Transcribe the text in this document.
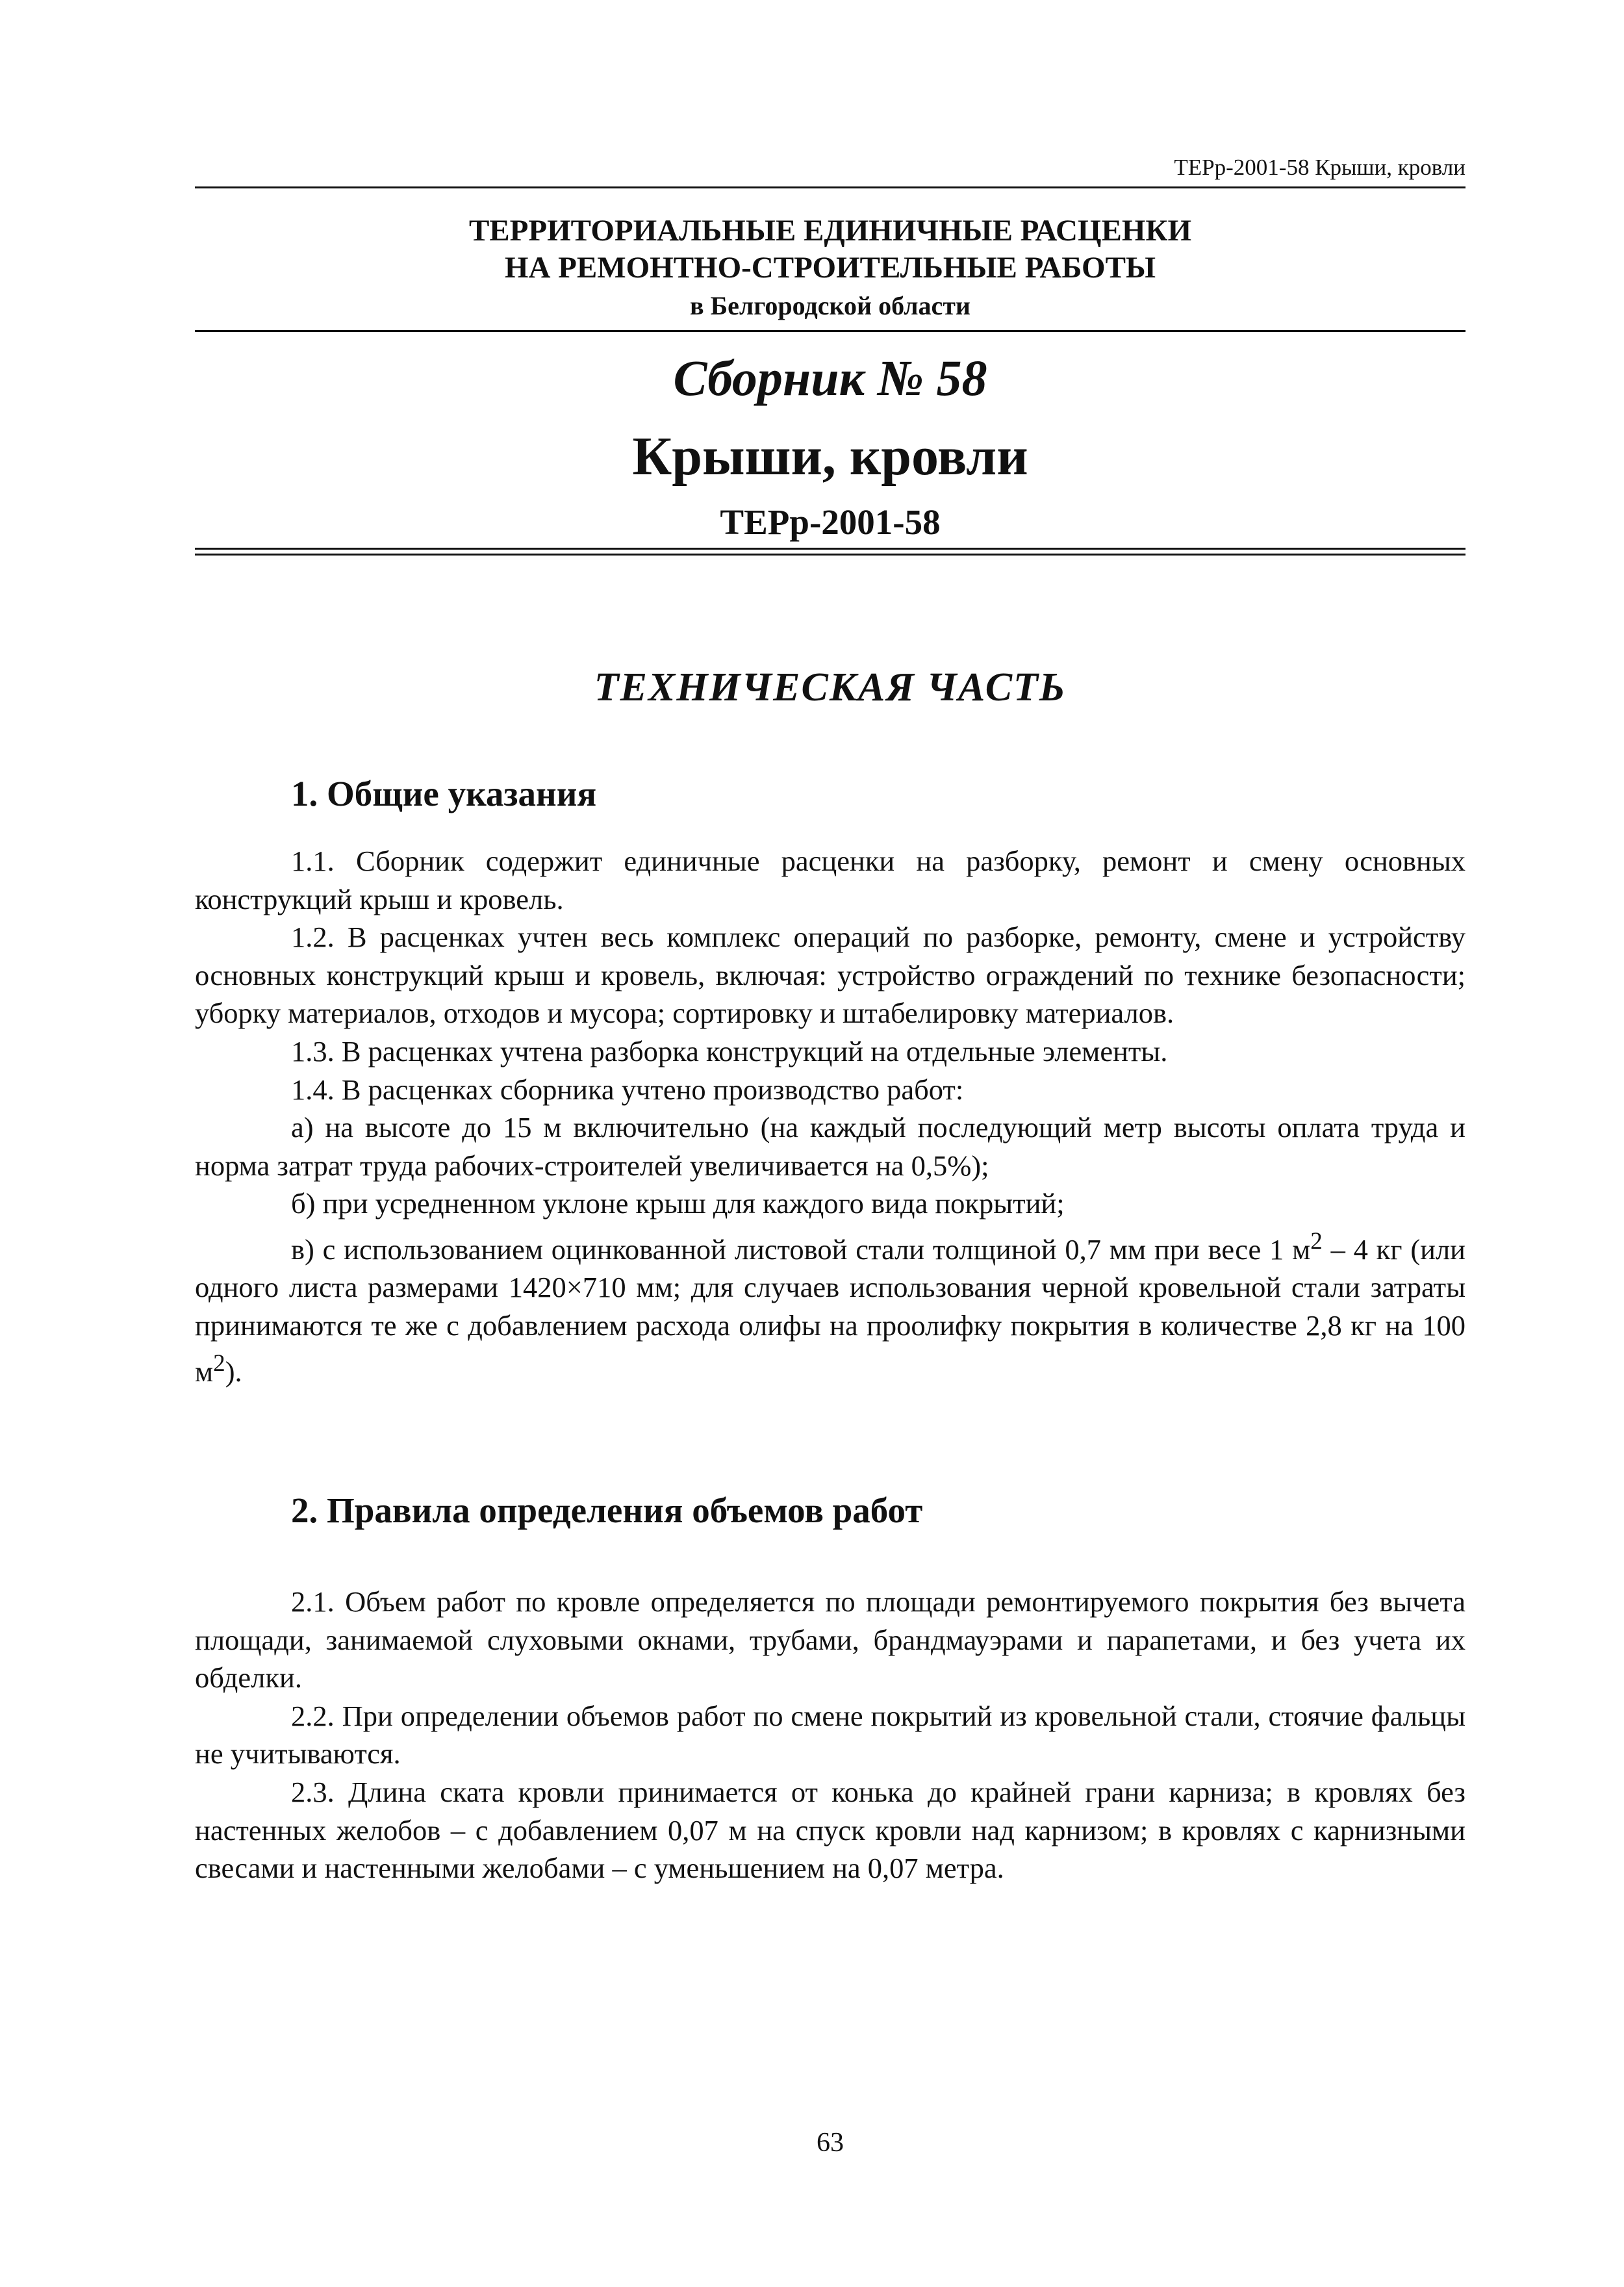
ТЕРр-2001-58 Крыши, кровли
ТЕРРИТОРИАЛЬНЫЕ ЕДИНИЧНЫЕ РАСЦЕНКИ
НА РЕМОНТНО-СТРОИТЕЛЬНЫЕ РАБОТЫ
в Белгородской области
Сборник № 58
Крыши, кровли
ТЕРр-2001-58
ТЕХНИЧЕСКАЯ ЧАСТЬ
1. Общие указания

1.1. Сборник содержит единичные расценки на разборку, ремонт и смену основных конструкций крыш и кровель.

1.2. В расценках учтен весь комплекс операций по разборке, ремонту, смене и устройству основных конструкций крыш и кровель, включая: устройство ограждений по технике безопасности; уборку материалов, отходов и мусора; сортировку и штабелировку материалов.

1.3. В расценках учтена разборка конструкций на отдельные элементы.

1.4. В расценках сборника учтено производство работ:

а) на высоте до 15 м включительно (на каждый последующий метр высоты оплата труда и норма затрат труда рабочих-строителей увеличивается на 0,5%);

б) при усредненном уклоне крыш для каждого вида покрытий;

в) с использованием оцинкованной листовой стали толщиной 0,7 мм при весе 1 $м^2 - 4$ кг (или одного листа размерами 1420×710 мм; для случаев использования черной кровельной стали затраты принимаются те же с добавлением расхода олифы на проолифку покрытия в количестве 2,8 кг на 100 $м^2$).

2. Правила определения объемов работ

2.1. Объем работ по кровле определяется по площади ремонтируемого покрытия без вычета площади, занимаемой слуховыми окнами, трубами, брандмауэрами и парапетами, и без учета их обделки.

2.2. При определении объемов работ по смене покрытий из кровельной стали, стоячие фальцы не учитываются.

2.3. Длина ската кровли принимается от конька до крайней грани карниза; в кровлях без настенных желобов – с добавлением 0,07 м на спуск кровли над карнизом; в кровлях с карнизными свесами и настенными желобами – с уменьшением на 0,07 метра.

63
